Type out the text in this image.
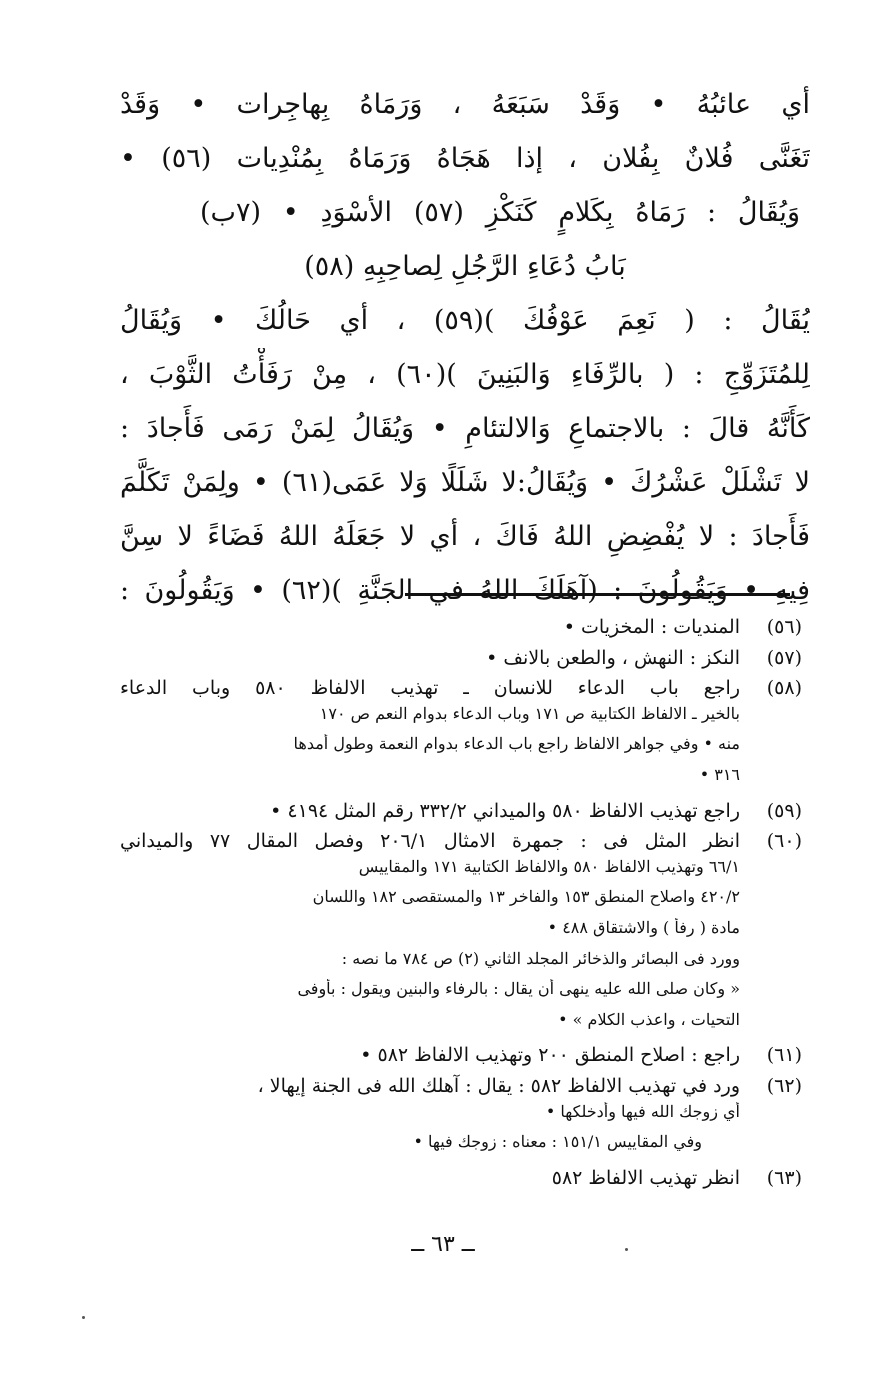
أي عائبُهُ • وَقَدْ سَبَعَهُ ، وَرَمَاهُ بِهاجِرات • وَقَدْ
تَغَنَّى فُلانٌ بِفُلان ، إذا هَجَاهُ وَرَمَاهُ بِمُنْدِيات (٥٦) •
وَيُقَالُ : رَمَاهُ بِكَلامٍ كَنَكْزِ (٥٧) الأسْوَدِ • (٧ب)
بَابُ دُعَاءِ الرَّجُلِ لِصاحِبِهِ (٥٨)
يُقَالُ : ( نَعِمَ عَوْفُكَ )(٥٩) ، أي حَالُكَ • وَيُقَالُ
لِلمُتَزَوِّجِ : ( بالرِّفَاءِ وَالبَنِينَ )(٦٠) ، مِنْ رَفَأْتُ الثَّوْبَ ،
كَأَنَّهُ قالَ : بالاجتماعِ وَالالتئامِ • وَيُقَالُ لِمَنْ رَمَى فَأَجادَ :
لا تَشْلَلْ عَشْرُكَ • وَيُقَالُ:لا شَلَلًا وَلا عَمَى(٦١) • ولِمَنْ تَكَلَّمَ
فَأَجادَ : لا يُفْضِضِ اللهُ فَاكَ ، أي لا جَعَلَهُ اللهُ فَضَاءً لا سِنَّ
فِيهِ • وَيَقُولُونَ : (آهَلَكَ اللهُ في الجَنَّةِ )(٦٢) • وَيَقُولُونَ :
(٥٦)
المنديات : المخزيات •
(٥٧)
النكز : النهش ، والطعن بالانف •
(٥٨)
راجع باب الدعاء للانسان ـ تهذيب الالفاظ ٥٨٠ وباب الدعاء
بالخير ـ الالفاظ الكتابية ص ١٧١ وباب الدعاء بدوام النعم ص ١٧٠
منه • وفي جواهر الالفاظ راجع باب الدعاء بدوام النعمة وطول أمدها
٣١٦ •
(٥٩)
راجع تهذيب الالفاظ ٥٨٠ والميداني ٣٣٢/٢ رقم المثل ٤١٩٤ •
(٦٠)
انظر المثل فى : جمهرة الامثال ٢٠٦/١ وفصل المقال ٧٧ والميداني
٦٦/١ وتهذيب الالفاظ ٥٨٠ والالفاظ الكتابية ١٧١ والمقاييس
٤٢٠/٢ واصلاح المنطق ١٥٣ والفاخر ١٣ والمستقصى ١٨٢ واللسان
مادة ( رفأ ) والاشتقاق ٤٨٨ •
وورد فى البصائر والذخائر المجلد الثاني (٢) ص ٧٨٤ ما نصه :
« وكان صلى الله عليه ينهى أن يقال : بالرفاء والبنين ويقول : بأوفى
التحيات ، واعذب الكلام » •
(٦١)
راجع : اصلاح المنطق ٢٠٠ وتهذيب الالفاظ ٥٨٢ •
(٦٢)
ورد في تهذيب الالفاظ ٥٨٢ : يقال : آهلك الله فى الجنة إيهالا ،
أي زوجك الله فيها وأدخلكها •
وفي المقاييس ١٥١/١ : معناه : زوجك فيها •
(٦٣)
انظر تهذيب الالفاظ ٥٨٢
ــ ٦٣ ــ
